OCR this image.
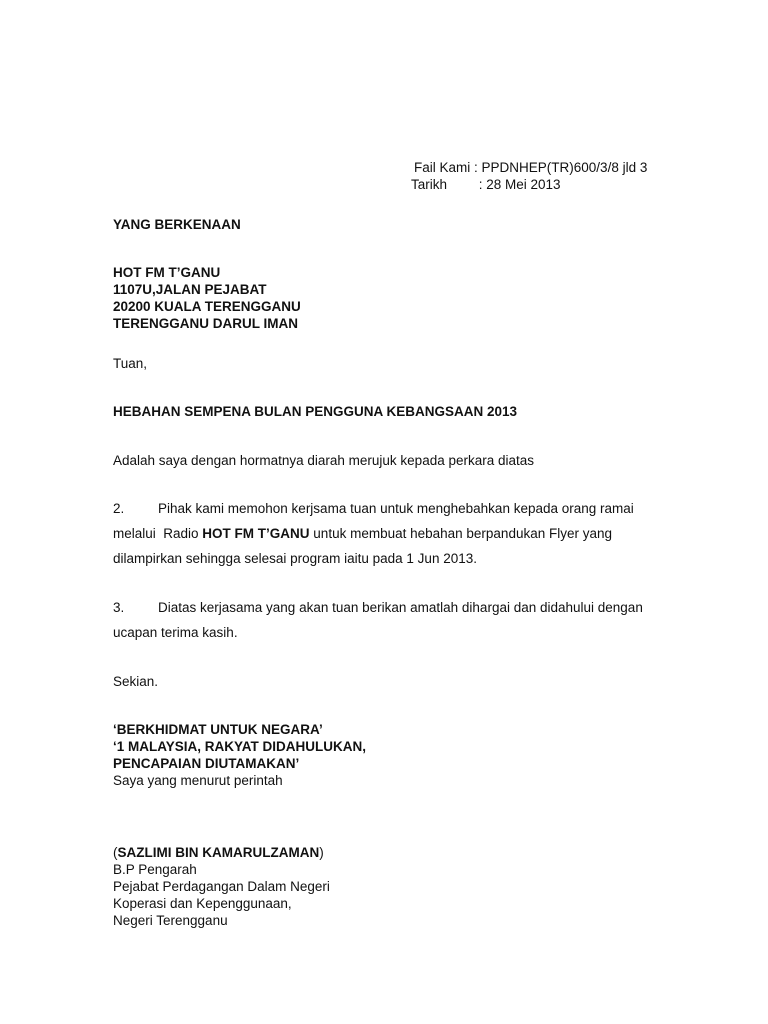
Fail Kami : PPDNHEP(TR)600/3/8 jld 3
Tarikh : 28 Mei 2013
YANG BERKENAAN
HOT FM T’GANU
1107U,JALAN PEJABAT
20200 KUALA TERENGGANU
TERENGGANU DARUL IMAN
Tuan,
HEBAHAN SEMPENA BULAN PENGGUNA KEBANGSAAN 2013
Adalah saya dengan hormatnya diarah merujuk kepada perkara diatas
2. Pihak kami memohon kerjsama tuan untuk menghebahkan kepada orang ramai
melalui  Radio HOT FM T’GANU untuk membuat hebahan berpandukan Flyer yang
dilampirkan sehingga selesai program iaitu pada 1 Jun 2013.
3. Diatas kerjasama yang akan tuan berikan amatlah dihargai dan didahului dengan
ucapan terima kasih.
Sekian.
‘BERKHIDMAT UNTUK NEGARA’
‘1 MALAYSIA, RAKYAT DIDAHULUKAN,
PENCAPAIAN DIUTAMAKAN’
Saya yang menurut perintah
(SAZLIMI BIN KAMARULZAMAN)
B.P Pengarah
Pejabat Perdagangan Dalam Negeri
Koperasi dan Kepenggunaan,
Negeri Terengganu
